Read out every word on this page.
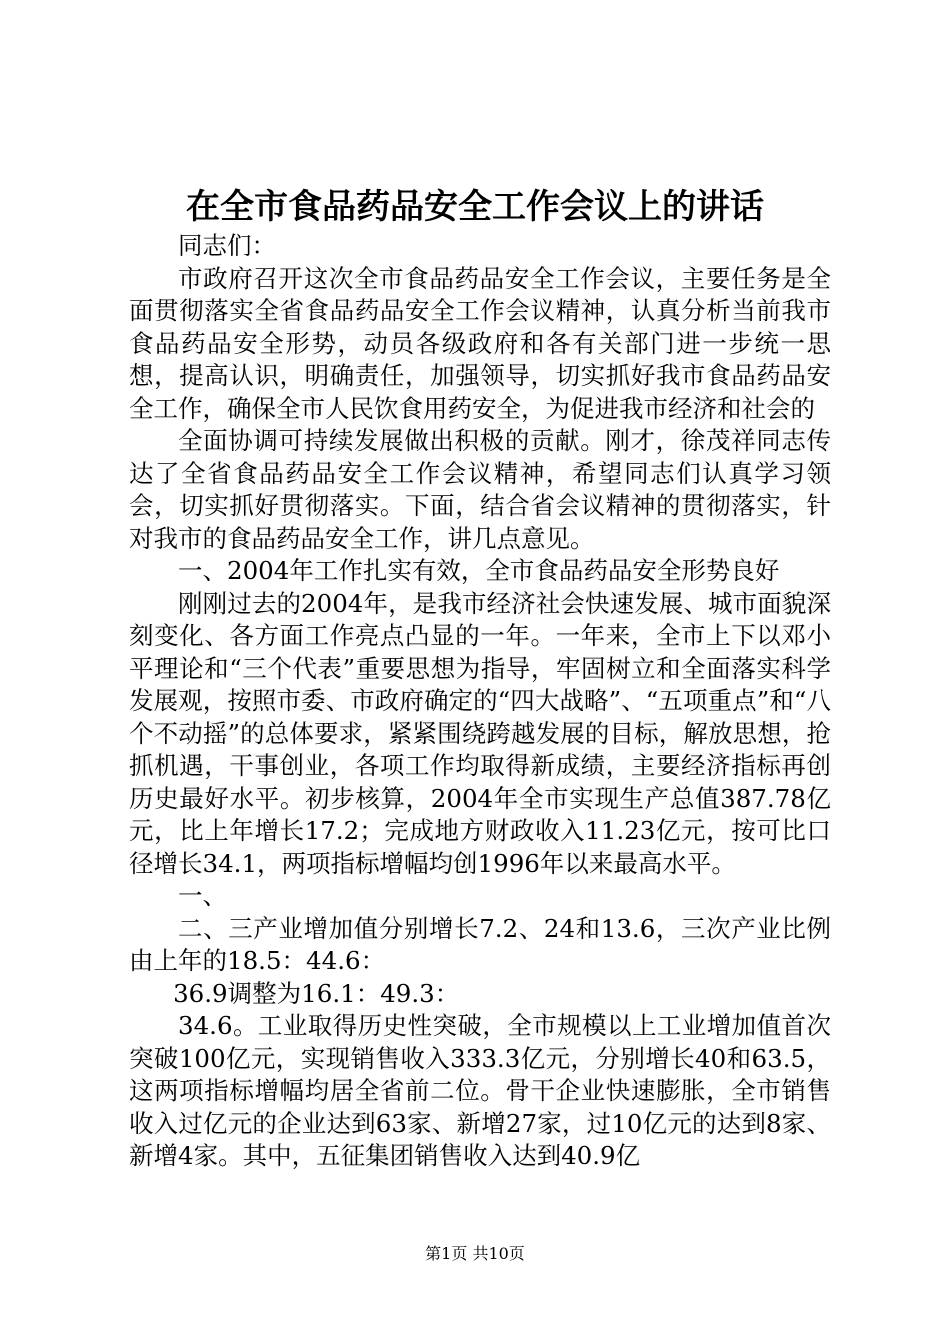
在全市食品药品安全工作会议上的讲话

同志们：

市政府召开这次全市食品药品安全工作会议，主要任务是全面贯彻落实全省食品药品安全工作会议精神，认真分析当前我市食品药品安全形势，动员各级政府和各有关部门进一步统一思想，提高认识，明确责任，加强领导，切实抓好我市食品药品安全工作，确保全市人民饮食用药安全，为促进我市经济和社会的

全面协调可持续发展做出积极的贡献。刚才，徐茂祥同志传达了全省食品药品安全工作会议精神，希望同志们认真学习领会，切实抓好贯彻落实。下面，结合省会议精神的贯彻落实，针对我市的食品药品安全工作，讲几点意见。

一、2004年工作扎实有效，全市食品药品安全形势良好

刚刚过去的2004年，是我市经济社会快速发展、城市面貌深刻变化、各方面工作亮点凸显的一年。一年来，全市上下以邓小平理论和“三个代表”重要思想为指导，牢固树立和全面落实科学发展观，按照市委、市政府确定的“四大战略”、“五项重点”和“八个不动摇”的总体要求，紧紧围绕跨越发展的目标，解放思想，抢抓机遇，干事创业，各项工作均取得新成绩，主要经济指标再创历史最好水平。初步核算，2004年全市实现生产总值387.78亿元，比上年增长17.2；完成地方财政收入11.23亿元，按可比口径增长34.1，两项指标增幅均创1996年以来最高水平。

一、

二、三产业增加值分别增长7.2、24和13.6，三次产业比例由上年的18.5：44.6：

36.9调整为16.1：49.3：

34.6。工业取得历史性突破，全市规模以上工业增加值首次突破100亿元，实现销售收入333.3亿元，分别增长40和63.5，这两项指标增幅均居全省前二位。骨干企业快速膨胀，全市销售收入过亿元的企业达到63家、新增27家，过10亿元的达到8家、新增4家。其中，五征集团销售收入达到40.9亿

第1页 共10页
